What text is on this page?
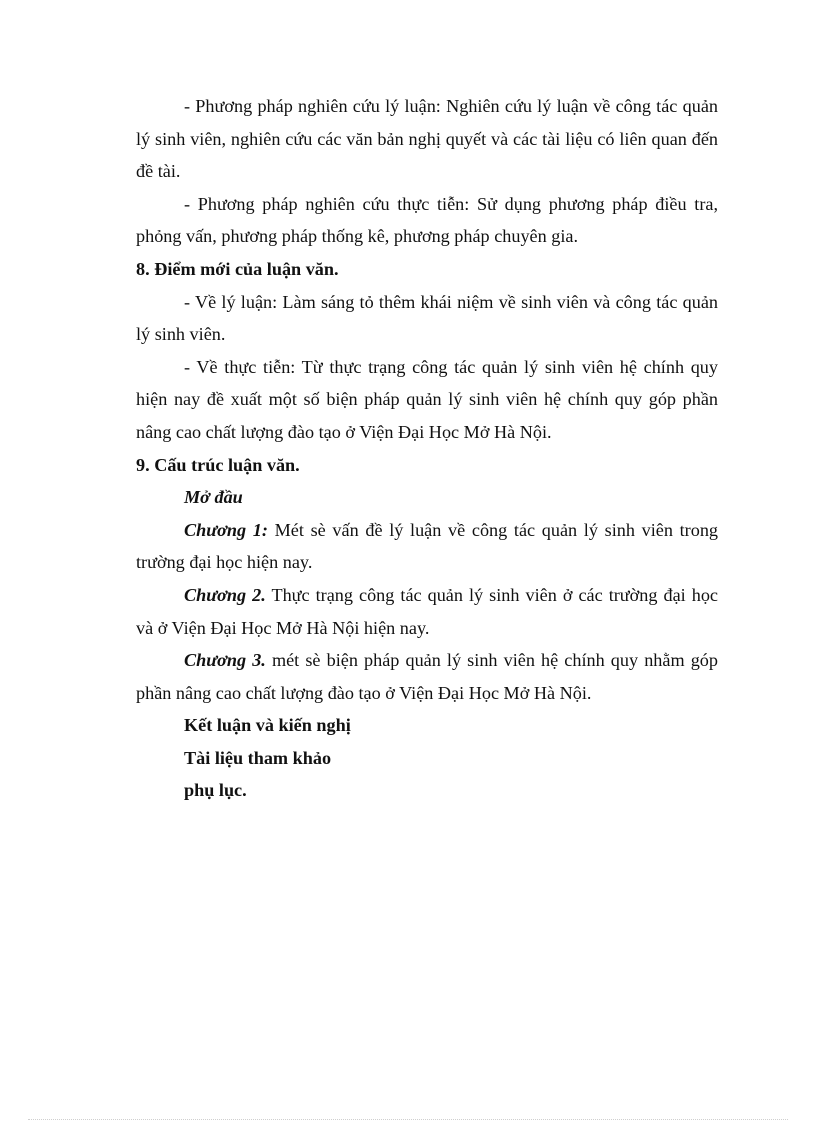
- Phương pháp nghiên cứu lý luận: Nghiên cứu lý luận về công tác quản lý sinh viên, nghiên cứu các văn bản nghị quyết và các tài liệu có liên quan đến đề tài.

- Phương pháp nghiên cứu thực tiễn: Sử dụng phương pháp điều tra, phỏng vấn, phương pháp thống kê, phương pháp chuyên gia.

8. Điểm mới của luận văn.

- Về lý luận: Làm sáng tỏ thêm khái niệm về sinh viên và công tác quản lý sinh viên.

- Về thực tiễn: Từ thực trạng công tác quản lý sinh viên hệ chính quy hiện nay đề xuất một số biện pháp quản lý sinh viên hệ chính quy góp phần nâng cao chất lượng đào tạo ở Viện Đại Học Mở Hà Nội.

9. Cấu trúc luận văn.

Mở đầu

Chương 1: Mét sè vấn đề lý luận về công tác quản lý sinh viên trong trường đại học hiện nay.

Chương 2. Thực trạng công tác quản lý sinh viên ở các trường đại học và ở Viện Đại Học Mở Hà Nội hiện nay.

Chương 3. mét sè biện pháp quản lý sinh viên hệ chính quy nhằm góp phần nâng cao chất lượng đào tạo ở Viện Đại Học Mở Hà Nội.

Kết luận và kiến nghị

Tài liệu tham khảo

phụ lục.
